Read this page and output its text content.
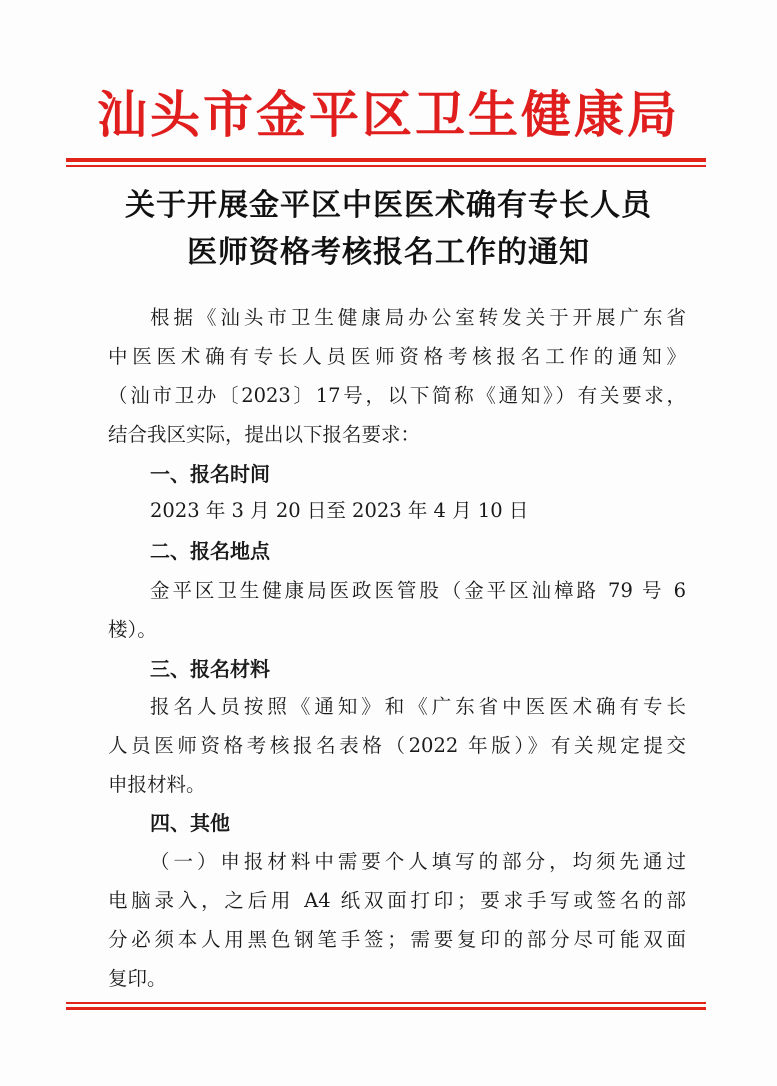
汕头市金平区卫生健康局
关于开展金平区中医医术确有专长人员
医师资格考核报名工作的通知
根据《汕头市卫生健康局办公室转发关于开展广东省
中医医术确有专长人员医师资格考核报名工作的通知》
（汕市卫办〔2023〕17号，以下简称《通知》）有关要求，
结合我区实际，提出以下报名要求：
一、报名时间
2023 年 3 月 20 日至 2023 年 4 月 10 日
二、报名地点
金平区卫生健康局医政医管股（金平区汕樟路 79 号 6
楼）。
三、报名材料
报名人员按照《通知》和《广东省中医医术确有专长
人员医师资格考核报名表格（2022 年版）》有关规定提交
申报材料。
四、其他
（一）申报材料中需要个人填写的部分，均须先通过
电脑录入，之后用 A4 纸双面打印；要求手写或签名的部
分必须本人用黑色钢笔手签；需要复印的部分尽可能双面
复印。
